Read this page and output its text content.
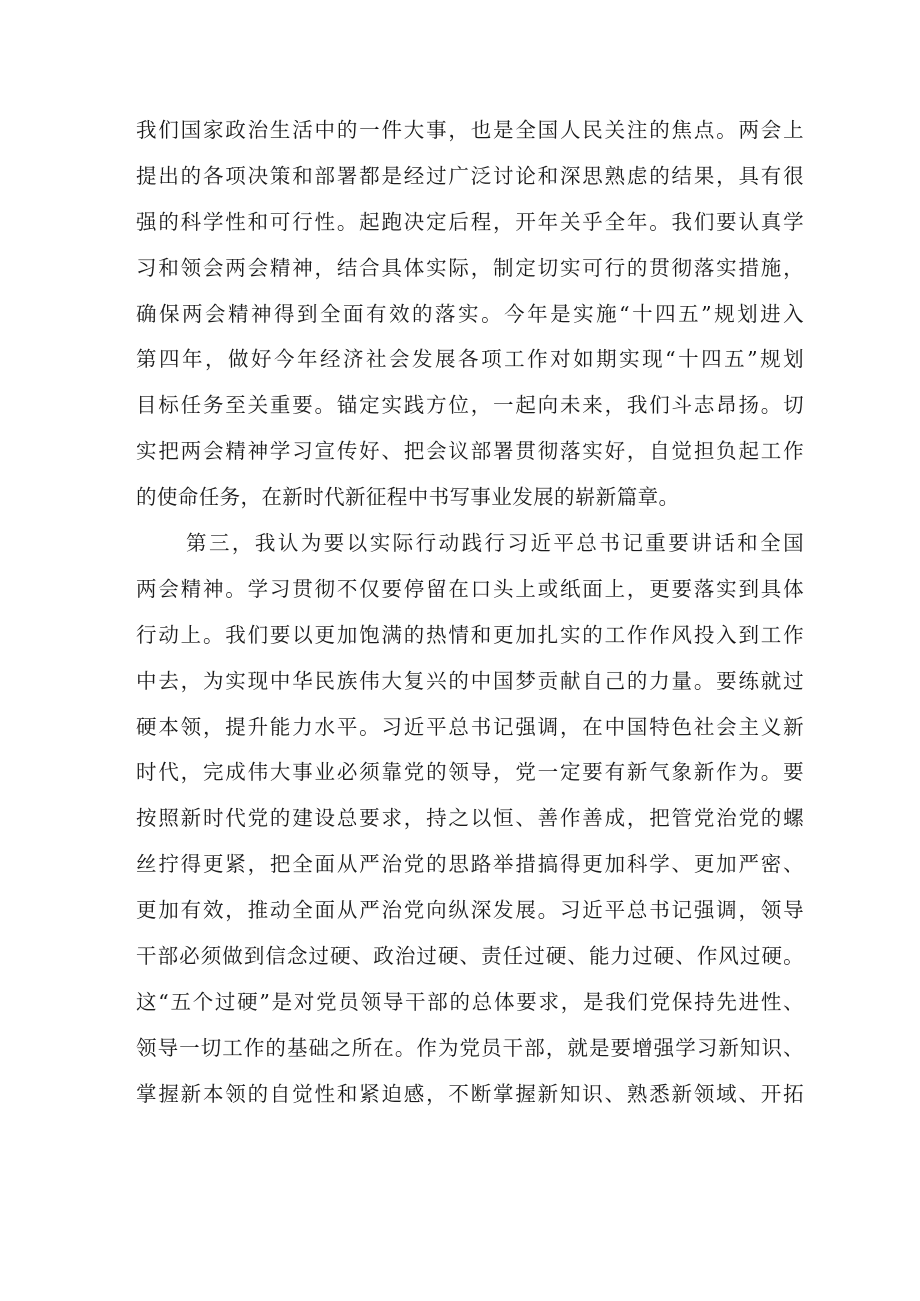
我们国家政治生活中的一件大事，也是全国人民关注的焦点。两会上
提出的各项决策和部署都是经过广泛讨论和深思熟虑的结果，具有很
强的科学性和可行性。起跑决定后程，开年关乎全年。我们要认真学
习和领会两会精神，结合具体实际，制定切实可行的贯彻落实措施，
确保两会精神得到全面有效的落实。今年是实施“十四五”规划进入
第四年，做好今年经济社会发展各项工作对如期实现“十四五”规划
目标任务至关重要。锚定实践方位，一起向未来，我们斗志昂扬。切
实把两会精神学习宣传好、把会议部署贯彻落实好，自觉担负起工作
的使命任务，在新时代新征程中书写事业发展的崭新篇章。
第三，我认为要以实际行动践行习近平总书记重要讲话和全国
两会精神。学习贯彻不仅要停留在口头上或纸面上，更要落实到具体
行动上。我们要以更加饱满的热情和更加扎实的工作作风投入到工作
中去，为实现中华民族伟大复兴的中国梦贡献自己的力量。要练就过
硬本领，提升能力水平。习近平总书记强调，在中国特色社会主义新
时代，完成伟大事业必须靠党的领导，党一定要有新气象新作为。要
按照新时代党的建设总要求，持之以恒、善作善成，把管党治党的螺
丝拧得更紧，把全面从严治党的思路举措搞得更加科学、更加严密、
更加有效，推动全面从严治党向纵深发展。习近平总书记强调，领导
干部必须做到信念过硬、政治过硬、责任过硬、能力过硬、作风过硬。
这“五个过硬”是对党员领导干部的总体要求，是我们党保持先进性、
领导一切工作的基础之所在。作为党员干部，就是要增强学习新知识、
掌握新本领的自觉性和紧迫感，不断掌握新知识、熟悉新领域、开拓
